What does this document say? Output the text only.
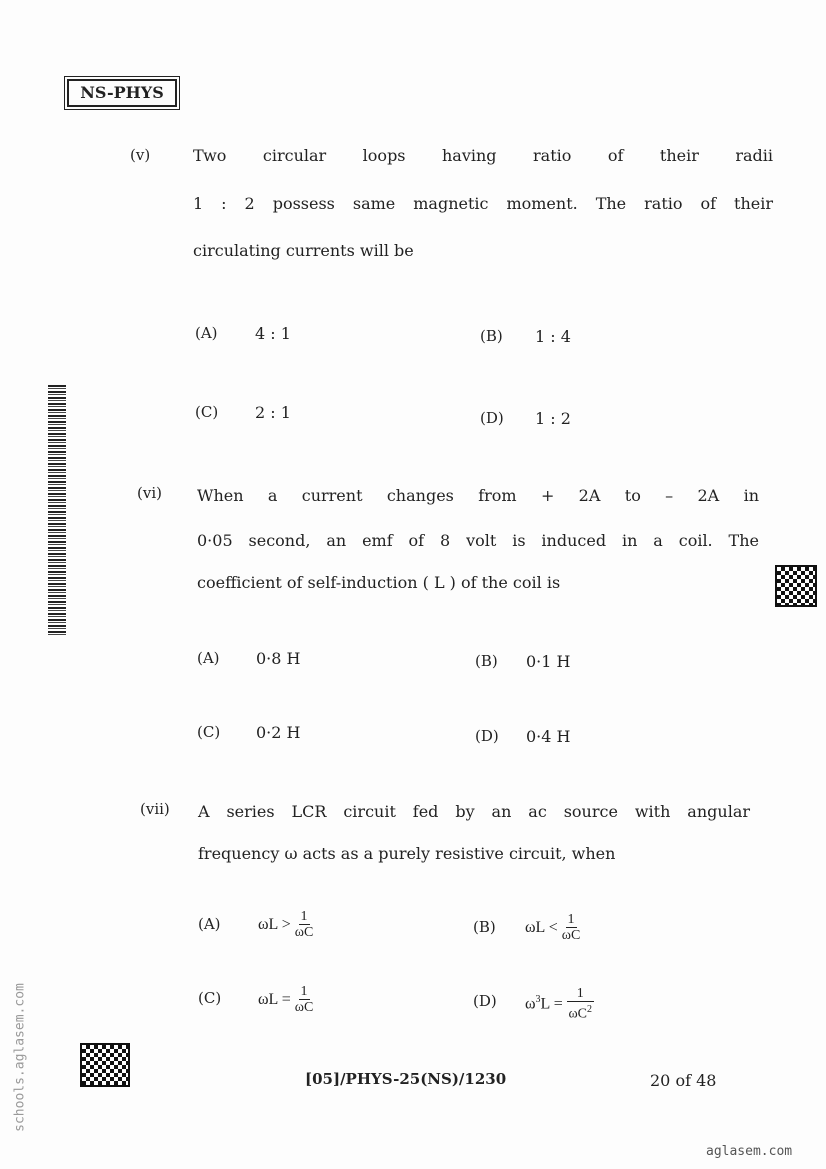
NS-PHYS
(v)	Two circular loops having ratio of their radii
1 : 2 possess same magnetic moment. The ratio of their
circulating currents will be
(A) 4 : 1	(B) 1 : 4
(C) 2 : 1	(D) 1 : 2
(vi) When a current changes from + 2A to – 2A in
0·05 second, an emf of 8 volt is induced in a coil. The
coefficient of self-induction ( L ) of the coil is
(A) 0·8 H	(B) 0·1 H
(C) 0·2 H	(D) 0·4 H
(vii) A series LCR circuit fed by an ac source with angular
frequency ω acts as a purely resistive circuit, when
(A) $\omega L > \frac{1}{\omega C}$	(B) $\omega L < \frac{1}{\omega C}$
(C) $\omega L = \frac{1}{\omega C}$	(D) $\omega^3L = \frac{1}{\omega C^2}$
schools.aglasem.com	[05]/PHYS-25(NS)/1230	20 of 48
aglasem.com
